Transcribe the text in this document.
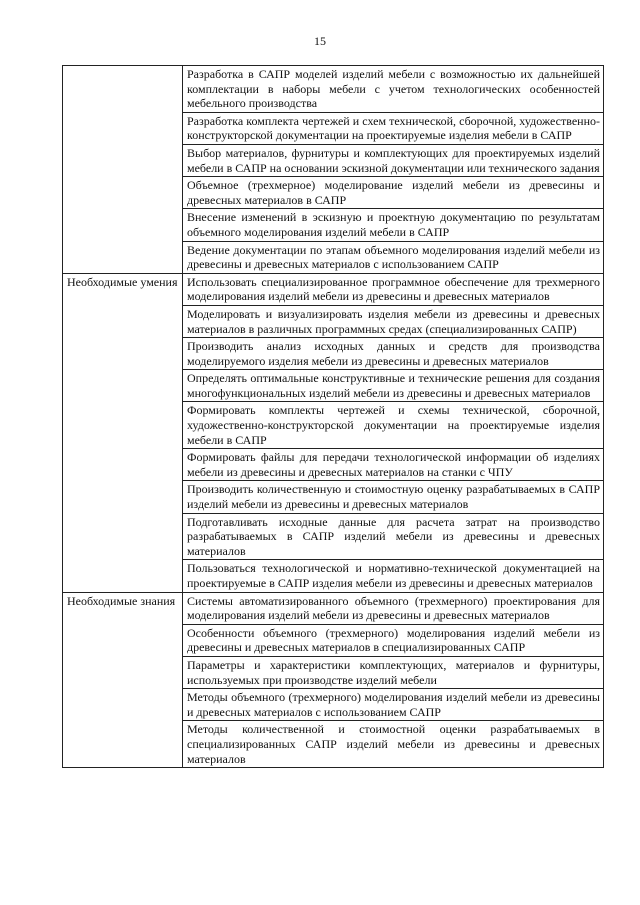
15
	Разработка в САПР моделей изделий мебели с возможностью их дальнейшей комплектации в наборы мебели с учетом технологических особенностей мебельного производства
	Разработка комплекта чертежей и схем технической, сборочной, художественно-конструкторской документации на проектируемые изделия мебели в САПР
	Выбор материалов, фурнитуры и комплектующих для проектируемых изделий мебели в САПР на основании эскизной документации или технического задания
	Объемное (трехмерное) моделирование изделий мебели из древесины и древесных материалов в САПР
	Внесение изменений в эскизную и проектную документацию по результатам объемного моделирования изделий мебели в САПР
	Ведение документации по этапам объемного моделирования изделий мебели из древесины и древесных материалов с использованием САПР
Необходимые умения	Использовать специализированное программное обеспечение для трехмерного моделирования изделий мебели из древесины и древесных материалов
	Моделировать и визуализировать изделия мебели из древесины и древесных материалов в различных программных средах (специализированных САПР)
	Производить анализ исходных данных и средств для производства моделируемого изделия мебели из древесины и древесных материалов
	Определять оптимальные конструктивные и технические решения для создания многофункциональных изделий мебели из древесины и древесных материалов
	Формировать комплекты чертежей и схемы технической, сборочной, художественно-конструкторской документации на проектируемые изделия мебели в САПР
	Формировать файлы для передачи технологической информации об изделиях мебели из древесины и древесных материалов на станки с ЧПУ
	Производить количественную и стоимостную оценку разрабатываемых в САПР изделий мебели из древесины и древесных материалов
	Подготавливать исходные данные для расчета затрат на производство разрабатываемых в САПР изделий мебели из древесины и древесных материалов
	Пользоваться технологической и нормативно-технической документацией на проектируемые в САПР изделия мебели из древесины и древесных материалов
Необходимые знания	Системы автоматизированного объемного (трехмерного) проектирования для моделирования изделий мебели из древесины и древесных материалов
	Особенности объемного (трехмерного) моделирования изделий мебели из древесины и древесных материалов в специализированных САПР
	Параметры и характеристики комплектующих, материалов и фурнитуры, используемых при производстве изделий мебели
	Методы объемного (трехмерного) моделирования изделий мебели из древесины и древесных материалов с использованием САПР
	Методы количественной и стоимостной оценки разрабатываемых в специализированных САПР изделий мебели из древесины и древесных материалов
